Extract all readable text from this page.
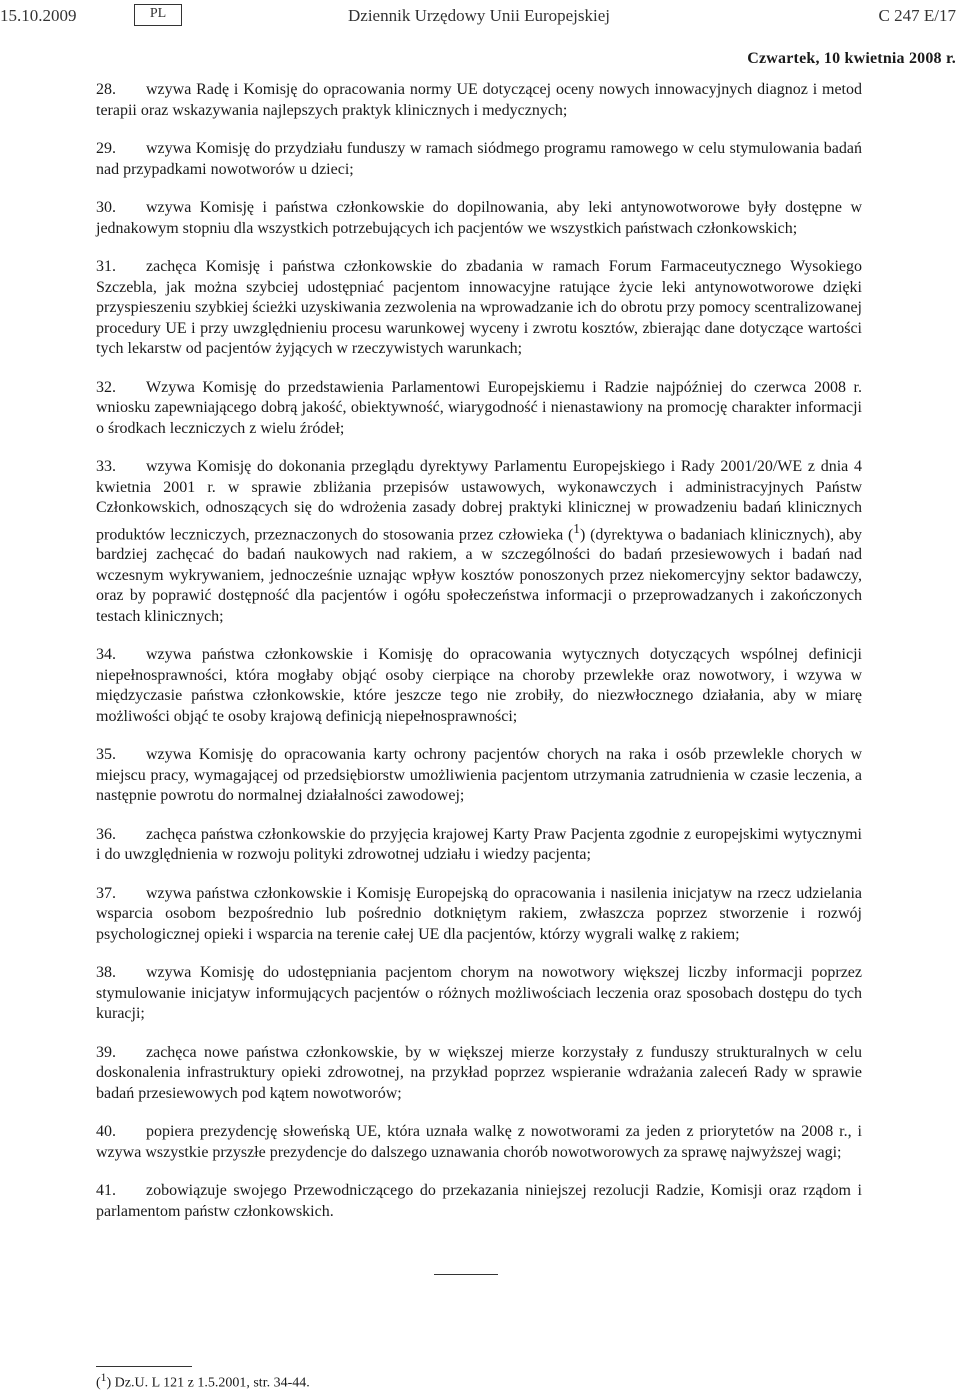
15.10.2009	PL	Dziennik Urzędowy Unii Europejskiej	C 247 E/17
Czwartek, 10 kwietnia 2008 r.

28. wzywa Radę i Komisję do opracowania normy UE dotyczącej oceny nowych innowacyjnych diagnoz i metod terapii oraz wskazywania najlepszych praktyk klinicznych i medycznych;

29. wzywa Komisję do przydziału funduszy w ramach siódmego programu ramowego w celu stymulowania badań nad przypadkami nowotworów u dzieci;

30. wzywa Komisję i państwa członkowskie do dopilnowania, aby leki antynowotworowe były dostępne w jednakowym stopniu dla wszystkich potrzebujących ich pacjentów we wszystkich państwach członkowskich;

31. zachęca Komisję i państwa członkowskie do zbadania w ramach Forum Farmaceutycznego Wysokiego Szczebla, jak można szybciej udostępniać pacjentom innowacyjne ratujące życie leki antynowotworowe dzięki przyspieszeniu szybkiej ścieżki uzyskiwania zezwolenia na wprowadzanie ich do obrotu przy pomocy scentralizowanej procedury UE i przy uwzględnieniu procesu warunkowej wyceny i zwrotu kosztów, zbierając dane dotyczące wartości tych lekarstw od pacjentów żyjących w rzeczywistych warunkach;

32. Wzywa Komisję do przedstawienia Parlamentowi Europejskiemu i Radzie najpóźniej do czerwca 2008 r. wniosku zapewniającego dobrą jakość, obiektywność, wiarygodność i nienastawiony na promocję charakter informacji o środkach leczniczych z wielu źródeł;

33. wzywa Komisję do dokonania przeglądu dyrektywy Parlamentu Europejskiego i Rady 2001/20/WE z dnia 4 kwietnia 2001 r. w sprawie zbliżania przepisów ustawowych, wykonawczych i administracyjnych Państw Członkowskich, odnoszących się do wdrożenia zasady dobrej praktyki klinicznej w prowadzeniu badań klinicznych produktów leczniczych, przeznaczonych do stosowania przez człowieka ($^1$) (dyrektywa o badaniach klinicznych), aby bardziej zachęcać do badań naukowych nad rakiem, a w szczególności do badań przesiewowych i badań nad wczesnym wykrywaniem, jednocześnie uznając wpływ kosztów ponoszonych przez niekomercyjny sektor badawczy, oraz by poprawić dostępność dla pacjentów i ogółu społeczeństwa informacji o przeprowadzanych i zakończonych testach klinicznych;

34. wzywa państwa członkowskie i Komisję do opracowania wytycznych dotyczących wspólnej definicji niepełnosprawności, która mogłaby objąć osoby cierpiące na choroby przewlekłe oraz nowotwory, i wzywa w międzyczasie państwa członkowskie, które jeszcze tego nie zrobiły, do niezwłocznego działania, aby w miarę możliwości objąć te osoby krajową definicją niepełnosprawności;

35. wzywa Komisję do opracowania karty ochrony pacjentów chorych na raka i osób przewlekle chorych w miejscu pracy, wymagającej od przedsiębiorstw umożliwienia pacjentom utrzymania zatrudnienia w czasie leczenia, a następnie powrotu do normalnej działalności zawodowej;

36. zachęca państwa członkowskie do przyjęcia krajowej Karty Praw Pacjenta zgodnie z europejskimi wytycznymi i do uwzględnienia w rozwoju polityki zdrowotnej udziału i wiedzy pacjenta;

37. wzywa państwa członkowskie i Komisję Europejską do opracowania i nasilenia inicjatyw na rzecz udzielania wsparcia osobom bezpośrednio lub pośrednio dotkniętym rakiem, zwłaszcza poprzez stworzenie i rozwój psychologicznej opieki i wsparcia na terenie całej UE dla pacjentów, którzy wygrali walkę z rakiem;

38. wzywa Komisję do udostępniania pacjentom chorym na nowotwory większej liczby informacji poprzez stymulowanie inicjatyw informujących pacjentów o różnych możliwościach leczenia oraz sposobach dostępu do tych kuracji;

39. zachęca nowe państwa członkowskie, by w większej mierze korzystały z funduszy strukturalnych w celu doskonalenia infrastruktury opieki zdrowotnej, na przykład poprzez wspieranie wdrażania zaleceń Rady w sprawie badań przesiewowych pod kątem nowotworów;

40. popiera prezydencję słoweńską UE, która uznała walkę z nowotworami za jeden z priorytetów na 2008 r., i wzywa wszystkie przyszłe prezydencje do dalszego uznawania chorób nowotworowych za sprawę najwyższej wagi;

41. zobowiązuje swojego Przewodniczącego do przekazania niniejszej rezolucji Radzie, Komisji oraz rządom i parlamentom państw członkowskich.

($^1$) Dz.U. L 121 z 1.5.2001, str. 34-44.
